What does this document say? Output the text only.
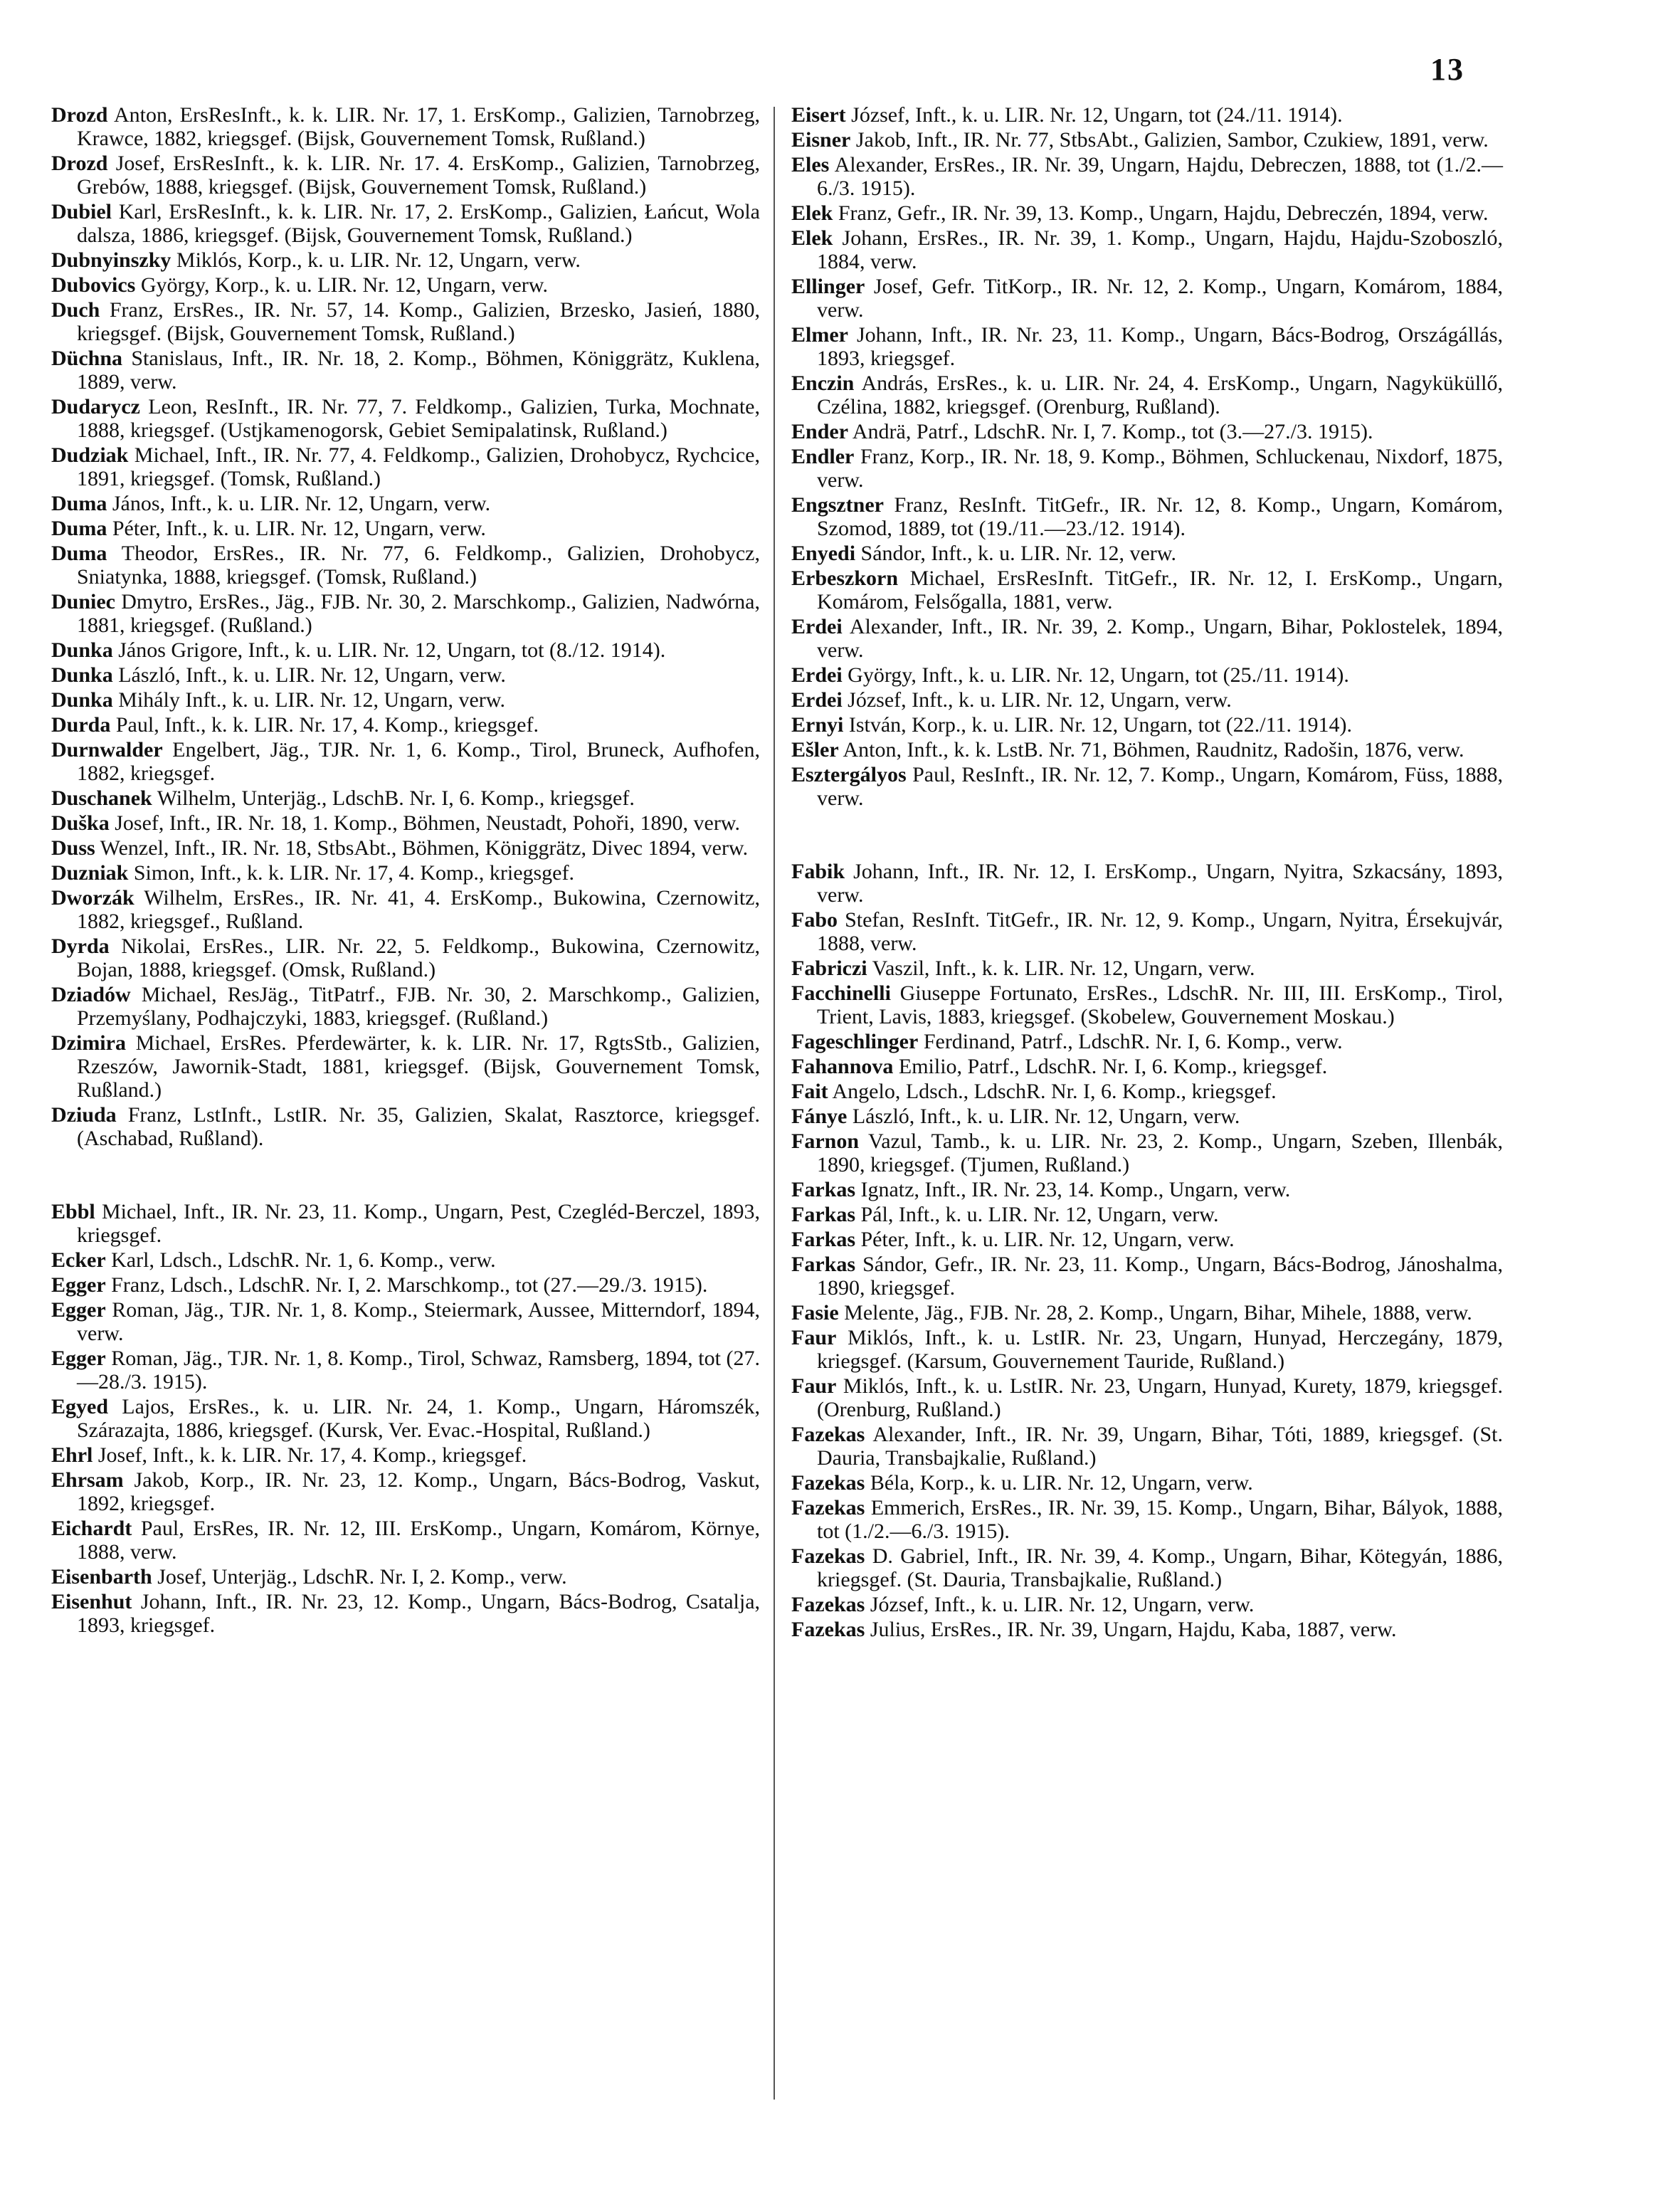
13

Drozd Anton, ErsResInft., k. k. LIR. Nr. 17, 1. ErsKomp., Galizien, Tarnobrzeg, Krawce, 1882, kriegsgef. (Bijsk, Gouvernement Tomsk, Rußland.)

Drozd Josef, ErsResInft., k. k. LIR. Nr. 17. 4. ErsKomp., Galizien, Tarnobrzeg, Grebów, 1888, kriegsgef. (Bijsk, Gouvernement Tomsk, Rußland.)

Dubiel Karl, ErsResInft., k. k. LIR. Nr. 17, 2. ErsKomp., Galizien, Łańcut, Wola dalsza, 1886, kriegsgef. (Bijsk, Gouvernement Tomsk, Rußland.)

Dubnyinszky Miklós, Korp., k. u. LIR. Nr. 12, Ungarn, verw.

Dubovics György, Korp., k. u. LIR. Nr. 12, Ungarn, verw.

Duch Franz, ErsRes., IR. Nr. 57, 14. Komp., Galizien, Brzesko, Jasień, 1880, kriegsgef. (Bijsk, Gouvernement Tomsk, Rußland.)

Düchna Stanislaus, Inft., IR. Nr. 18, 2. Komp., Böhmen, Königgrätz, Kuklena, 1889, verw.

Dudarycz Leon, ResInft., IR. Nr. 77, 7. Feldkomp., Galizien, Turka, Mochnate, 1888, kriegsgef. (Ustjkamenogorsk, Gebiet Semipalatinsk, Rußland.)

Dudziak Michael, Inft., IR. Nr. 77, 4. Feldkomp., Galizien, Drohobycz, Rychcice, 1891, kriegsgef. (Tomsk, Rußland.)

Duma János, Inft., k. u. LIR. Nr. 12, Ungarn, verw.

Duma Péter, Inft., k. u. LIR. Nr. 12, Ungarn, verw.

Duma Theodor, ErsRes., IR. Nr. 77, 6. Feldkomp., Galizien, Drohobycz, Sniatynka, 1888, kriegsgef. (Tomsk, Rußland.)

Duniec Dmytro, ErsRes., Jäg., FJB. Nr. 30, 2. Marschkomp., Galizien, Nadwórna, 1881, kriegsgef. (Rußland.)

Dunka János Grigore, Inft., k. u. LIR. Nr. 12, Ungarn, tot (8./12. 1914).

Dunka László, Inft., k. u. LIR. Nr. 12, Ungarn, verw.

Dunka Mihály Inft., k. u. LIR. Nr. 12, Ungarn, verw.

Durda Paul, Inft., k. k. LIR. Nr. 17, 4. Komp., kriegsgef.

Durnwalder Engelbert, Jäg., TJR. Nr. 1, 6. Komp., Tirol, Bruneck, Aufhofen, 1882, kriegsgef.

Duschanek Wilhelm, Unterjäg., LdschB. Nr. I, 6. Komp., kriegsgef.

Duška Josef, Inft., IR. Nr. 18, 1. Komp., Böhmen, Neustadt, Pohoři, 1890, verw.

Duss Wenzel, Inft., IR. Nr. 18, StbsAbt., Böhmen, Königgrätz, Divec 1894, verw.

Duzniak Simon, Inft., k. k. LIR. Nr. 17, 4. Komp., kriegsgef.

Dworzák Wilhelm, ErsRes., IR. Nr. 41, 4. ErsKomp., Bukowina, Czernowitz, 1882, kriegsgef., Rußland.

Dyrda Nikolai, ErsRes., LIR. Nr. 22, 5. Feldkomp., Bukowina, Czernowitz, Bojan, 1888, kriegsgef. (Omsk, Rußland.)

Dziadów Michael, ResJäg., TitPatrf., FJB. Nr. 30, 2. Marschkomp., Galizien, Przemyślany, Podhajczyki, 1883, kriegsgef. (Rußland.)

Dzimira Michael, ErsRes. Pferdewärter, k. k. LIR. Nr. 17, RgtsStb., Galizien, Rzeszów, Jawornik-Stadt, 1881, kriegsgef. (Bijsk, Gouvernement Tomsk, Rußland.)

Dziuda Franz, LstInft., LstIR. Nr. 35, Galizien, Skalat, Rasztorce, kriegsgef. (Aschabad, Rußland).

Ebbl Michael, Inft., IR. Nr. 23, 11. Komp., Ungarn, Pest, Czegléd-Berczel, 1893, kriegsgef.

Ecker Karl, Ldsch., LdschR. Nr. 1, 6. Komp., verw.

Egger Franz, Ldsch., LdschR. Nr. I, 2. Marschkomp., tot (27.—29./3. 1915).

Egger Roman, Jäg., TJR. Nr. 1, 8. Komp., Steiermark, Aussee, Mitterndorf, 1894, verw.

Egger Roman, Jäg., TJR. Nr. 1, 8. Komp., Tirol, Schwaz, Ramsberg, 1894, tot (27.—28./3. 1915).

Egyed Lajos, ErsRes., k. u. LIR. Nr. 24, 1. Komp., Ungarn, Háromszék, Szárazajta, 1886, kriegsgef. (Kursk, Ver. Evac.-Hospital, Rußland.)

Ehrl Josef, Inft., k. k. LIR. Nr. 17, 4. Komp., kriegsgef.

Ehrsam Jakob, Korp., IR. Nr. 23, 12. Komp., Ungarn, Bács-Bodrog, Vaskut, 1892, kriegsgef.

Eichardt Paul, ErsRes, IR. Nr. 12, III. ErsKomp., Ungarn, Komárom, Környe, 1888, verw.

Eisenbarth Josef, Unterjäg., LdschR. Nr. I, 2. Komp., verw.

Eisenhut Johann, Inft., IR. Nr. 23, 12. Komp., Ungarn, Bács-Bodrog, Csatalja, 1893, kriegsgef.

Eisert József, Inft., k. u. LIR. Nr. 12, Ungarn, tot (24./11. 1914).

Eisner Jakob, Inft., IR. Nr. 77, StbsAbt., Galizien, Sambor, Czukiew, 1891, verw.

Eles Alexander, ErsRes., IR. Nr. 39, Ungarn, Hajdu, Debreczen, 1888, tot (1./2.—6./3. 1915).

Elek Franz, Gefr., IR. Nr. 39, 13. Komp., Ungarn, Hajdu, Debreczén, 1894, verw.

Elek Johann, ErsRes., IR. Nr. 39, 1. Komp., Ungarn, Hajdu, Hajdu-Szoboszló, 1884, verw.

Ellinger Josef, Gefr. TitKorp., IR. Nr. 12, 2. Komp., Ungarn, Komárom, 1884, verw.

Elmer Johann, Inft., IR. Nr. 23, 11. Komp., Ungarn, Bács-Bodrog, Országállás, 1893, kriegsgef.

Enczin András, ErsRes., k. u. LIR. Nr. 24, 4. ErsKomp., Ungarn, Nagyküküllő, Czélina, 1882, kriegsgef. (Orenburg, Rußland).

Ender Andrä, Patrf., LdschR. Nr. I, 7. Komp., tot (3.—27./3. 1915).

Endler Franz, Korp., IR. Nr. 18, 9. Komp., Böhmen, Schluckenau, Nixdorf, 1875, verw.

Engsztner Franz, ResInft. TitGefr., IR. Nr. 12, 8. Komp., Ungarn, Komárom, Szomod, 1889, tot (19./11.—23./12. 1914).

Enyedi Sándor, Inft., k. u. LIR. Nr. 12, verw.

Erbeszkorn Michael, ErsResInft. TitGefr., IR. Nr. 12, I. ErsKomp., Ungarn, Komárom, Felsőgalla, 1881, verw.

Erdei Alexander, Inft., IR. Nr. 39, 2. Komp., Ungarn, Bihar, Poklostelek, 1894, verw.

Erdei György, Inft., k. u. LIR. Nr. 12, Ungarn, tot (25./11. 1914).

Erdei József, Inft., k. u. LIR. Nr. 12, Ungarn, verw.

Ernyi István, Korp., k. u. LIR. Nr. 12, Ungarn, tot (22./11. 1914).

Ešler Anton, Inft., k. k. LstB. Nr. 71, Böhmen, Raudnitz, Radošin, 1876, verw.

Esztergályos Paul, ResInft., IR. Nr. 12, 7. Komp., Ungarn, Komárom, Füss, 1888, verw.

Fabik Johann, Inft., IR. Nr. 12, I. ErsKomp., Ungarn, Nyitra, Szkacsány, 1893, verw.

Fabo Stefan, ResInft. TitGefr., IR. Nr. 12, 9. Komp., Ungarn, Nyitra, Érsekujvár, 1888, verw.

Fabriczi Vaszil, Inft., k. k. LIR. Nr. 12, Ungarn, verw.

Facchinelli Giuseppe Fortunato, ErsRes., LdschR. Nr. III, III. ErsKomp., Tirol, Trient, Lavis, 1883, kriegsgef. (Skobelew, Gouvernement Moskau.)

Fageschlinger Ferdinand, Patrf., LdschR. Nr. I, 6. Komp., verw.

Fahannova Emilio, Patrf., LdschR. Nr. I, 6. Komp., kriegsgef.

Fait Angelo, Ldsch., LdschR. Nr. I, 6. Komp., kriegsgef.

Fánye László, Inft., k. u. LIR. Nr. 12, Ungarn, verw.

Farnon Vazul, Tamb., k. u. LIR. Nr. 23, 2. Komp., Ungarn, Szeben, Illenbák, 1890, kriegsgef. (Tjumen, Rußland.)

Farkas Ignatz, Inft., IR. Nr. 23, 14. Komp., Ungarn, verw.

Farkas Pál, Inft., k. u. LIR. Nr. 12, Ungarn, verw.

Farkas Péter, Inft., k. u. LIR. Nr. 12, Ungarn, verw.

Farkas Sándor, Gefr., IR. Nr. 23, 11. Komp., Ungarn, Bács-Bodrog, Jánoshalma, 1890, kriegsgef.

Fasie Melente, Jäg., FJB. Nr. 28, 2. Komp., Ungarn, Bihar, Mihele, 1888, verw.

Faur Miklós, Inft., k. u. LstIR. Nr. 23, Ungarn, Hunyad, Herczegány, 1879, kriegsgef. (Karsum, Gouvernement Tauride, Rußland.)

Faur Miklós, Inft., k. u. LstIR. Nr. 23, Ungarn, Hunyad, Kurety, 1879, kriegsgef. (Orenburg, Rußland.)

Fazekas Alexander, Inft., IR. Nr. 39, Ungarn, Bihar, Tóti, 1889, kriegsgef. (St. Dauria, Transbajkalie, Rußland.)

Fazekas Béla, Korp., k. u. LIR. Nr. 12, Ungarn, verw.

Fazekas Emmerich, ErsRes., IR. Nr. 39, 15. Komp., Ungarn, Bihar, Bályok, 1888, tot (1./2.—6./3. 1915).

Fazekas D. Gabriel, Inft., IR. Nr. 39, 4. Komp., Ungarn, Bihar, Kötegyán, 1886, kriegsgef. (St. Dauria, Transbajkalie, Rußland.)

Fazekas József, Inft., k. u. LIR. Nr. 12, Ungarn, verw.

Fazekas Julius, ErsRes., IR. Nr. 39, Ungarn, Hajdu, Kaba, 1887, verw.
